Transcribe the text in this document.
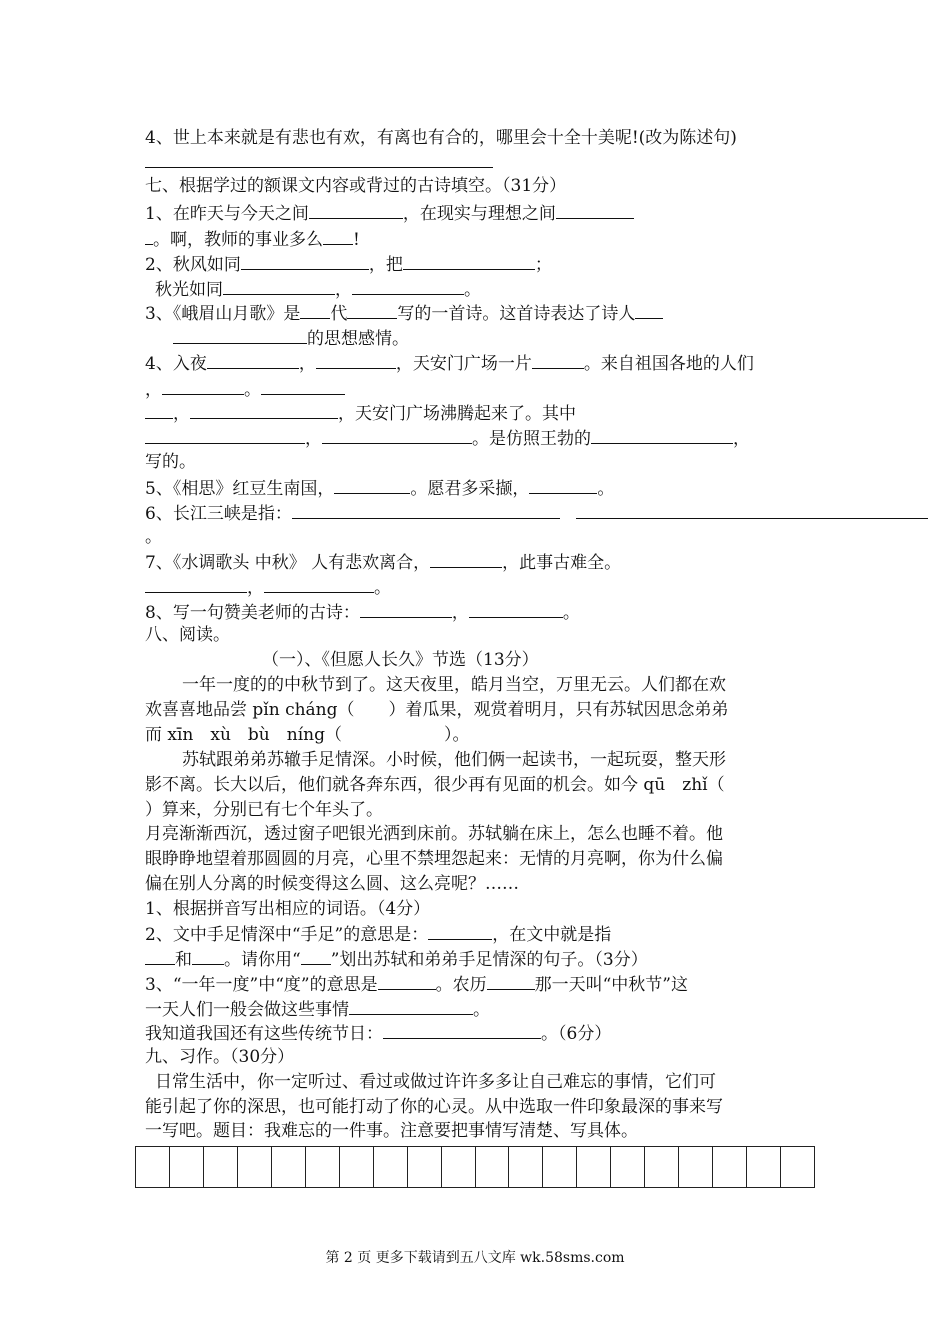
4、世上本来就是有悲也有欢，有离也有合的，哪里会十全十美呢!(改为陈述句)
七、根据学过的额课文内容或背过的古诗填空。（31分）
1、在昨天与今天之间	，在现实与理想之间
。啊，教师的事业多么 !
2、秋风如同	，把	；
秋光如同	，	。
3、《峨眉山月歌》是 代	写的一首诗。这首诗表达了诗人
的思想感情。
4、入夜	，	，天安门广场一片	。来自祖国各地的人们
，	。
，	，天安门广场沸腾起来了。其中
，	。是仿照王勃的	，
写的。
5、《相思》红豆生南国，	。愿君多采撷，	。
6、长江三峡是指：
。
7、《水调歌头 中秋》 人有悲欢离合，	，此事古难全。
，	。
8、写一句赞美老师的古诗：	，	。
八、阅读。
（一）、《但愿人长久》节选（13分）
一年一度的的中秋节到了。这天夜里，皓月当空，万里无云。人们都在欢
欢喜喜地品尝 pǐn cháng（　　）着瓜果，观赏着明月，只有苏轼因思念弟弟
而 xīn　xù　bù　níng（　　　　　　）。
苏轼跟弟弟苏辙手足情深。小时候，他们俩一起读书，一起玩耍，整天形
影不离。长大以后，他们就各奔东西，很少再有见面的机会。如今 qū　zhǐ（
）算来，分别已有七个年头了。
月亮渐渐西沉，透过窗子吧银光洒到床前。苏轼躺在床上，怎么也睡不着。他
眼睁睁地望着那圆圆的月亮，心里不禁埋怨起来：无情的月亮啊，你为什么偏
偏在别人分离的时候变得这么圆、这么亮呢？……
1、根据拼音写出相应的词语。（4分）
2、文中手足情深中“手足”的意思是：	，在文中就是指
和 。请你用“ ”划出苏轼和弟弟手足情深的句子。（3分）
3、“一年一度”中“度”的意思是	。农历	那一天叫“中秋节”这
一天人们一般会做这些事情	。
我知道我国还有这些传统节日：	。（6分）
九、习作。（30分）
日常生活中，你一定听过、看过或做过许许多多让自己难忘的事情，它们可
能引起了你的深思，也可能打动了你的心灵。从中选取一件印象最深的事来写
一写吧。题目：我难忘的一件事。注意要把事情写清楚、写具体。
第 2 页 更多下载请到五八文库 wk.58sms.com
